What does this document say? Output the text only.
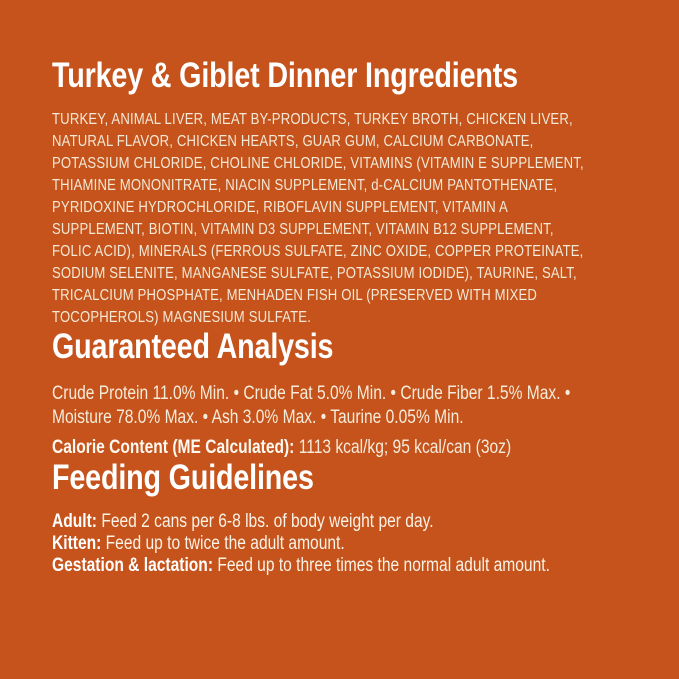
Turkey & Giblet Dinner Ingredients
TURKEY, ANIMAL LIVER, MEAT BY-PRODUCTS, TURKEY BROTH, CHICKEN LIVER,
NATURAL FLAVOR, CHICKEN HEARTS, GUAR GUM, CALCIUM CARBONATE,
POTASSIUM CHLORIDE, CHOLINE CHLORIDE, VITAMINS (VITAMIN E SUPPLEMENT,
THIAMINE MONONITRATE, NIACIN SUPPLEMENT, d-CALCIUM PANTOTHENATE,
PYRIDOXINE HYDROCHLORIDE, RIBOFLAVIN SUPPLEMENT, VITAMIN A
SUPPLEMENT, BIOTIN, VITAMIN D3 SUPPLEMENT, VITAMIN B12 SUPPLEMENT,
FOLIC ACID), MINERALS (FERROUS SULFATE, ZINC OXIDE, COPPER PROTEINATE,
SODIUM SELENITE, MANGANESE SULFATE, POTASSIUM IODIDE), TAURINE, SALT,
TRICALCIUM PHOSPHATE, MENHADEN FISH OIL (PRESERVED WITH MIXED
TOCOPHEROLS) MAGNESIUM SULFATE.
Guaranteed Analysis
Crude Protein 11.0% Min. • Crude Fat 5.0% Min. • Crude Fiber 1.5% Max. •
Moisture 78.0% Max. • Ash 3.0% Max. • Taurine 0.05% Min.
Calorie Content (ME Calculated): 1113 kcal/kg; 95 kcal/can (3oz)
Feeding Guidelines
Adult: Feed 2 cans per 6-8 lbs. of body weight per day.
Kitten: Feed up to twice the adult amount.
Gestation & lactation: Feed up to three times the normal adult amount.
